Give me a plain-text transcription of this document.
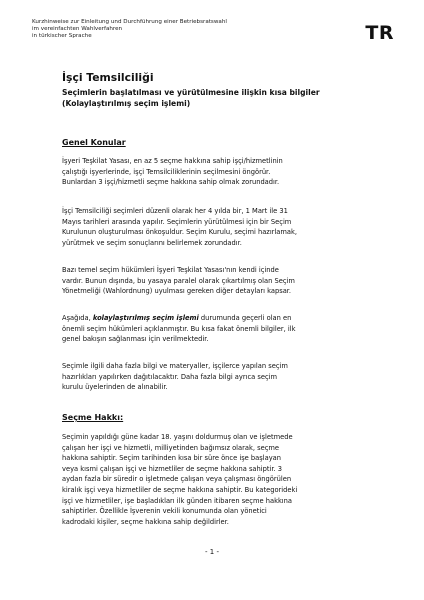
Kurzhinweise zur Einleitung und Durchführung einer Betriebsratswahl
im vereinfachten Wahlverfahren
in türkischer Sprache	TR
İşçi Temsilciliği
Seçimlerin başlatılması ve yürütülmesine ilişkin kısa bilgiler
(Kolaylaştırılmış seçim işlemi)
Genel Konular
İşyeri Teşkilat Yasası, en az 5 seçme hakkına sahip işçi/hizmetlinin
çalıştığı işyerlerinde, işçi Temsilciliklerinin seçilmesini öngörür.
Bunlardan 3 işçi/hizmetli seçme hakkına sahip olmak zorundadır.
İşçi Temsilciliği seçimleri düzenli olarak her 4 yılda bir, 1 Mart ile 31
Mayıs tarihleri arasında yapılır. Seçimlerin yürütülmesi için bir Seçim
Kurulunun oluşturulması önkoşuldur. Seçim Kurulu, seçimi hazırlamak,
yürütmek ve seçim sonuçlarını belirlemek zorundadır.
Bazı temel seçim hükümleri İşyeri Teşkilat Yasası'nın kendi içinde
vardır. Bunun dışında, bu yasaya paralel olarak çıkartılmış olan Seçim
Yönetmeliği (Wahlordnung) uyulması gereken diğer detayları kapsar.
Aşağıda, kolaylaştırılmış seçim işlemi durumunda geçerli olan en
önemli seçim hükümleri açıklanmıştır. Bu kısa fakat önemli bilgiler, ilk
genel bakışın sağlanması için verilmektedir.
Seçimle ilgili daha fazla bilgi ve materyaller, işçilerce yapılan seçim
hazırlıkları yapılırken dağıtılacaktır. Daha fazla bilgi ayrıca seçim
kurulu üyelerinden de alınabilir.
Seçme Hakkı:
Seçimin yapıldığı güne kadar 18. yaşını doldurmuş olan ve işletmede
çalışan her işçi ve hizmetli, milliyetinden bağımsız olarak, seçme
hakkına sahiptir. Seçim tarihinden kısa bir süre önce işe başlayan
veya kısmi çalışan işçi ve hizmetliler de seçme hakkına sahiptir. 3
aydan fazla bir süredir o işletmede çalışan veya çalışması öngörülen
kiralık işçi veya hizmetliler de seçme hakkına sahiptir. Bu kategorideki
işçi ve hizmetliler, işe başladıkları ilk günden itibaren seçme hakkına
sahiptirler. Özellikle İşverenin vekili konumunda olan yönetici
kadrodaki kişiler, seçme hakkına sahip değildirler.
- 1 -
